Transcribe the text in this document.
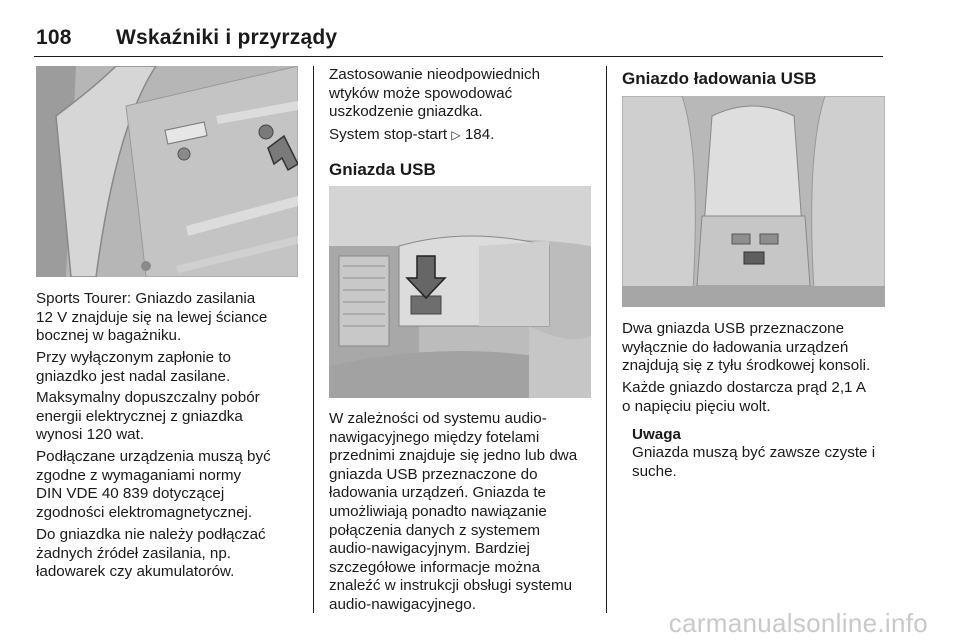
108 Wskaźniki i przyrządy

Sports Tourer: Gniazdo zasilania
12 V znajduje się na lewej ściance
bocznej w bagażniku.

Przy wyłączonym zapłonie to
gniazdko jest nadal zasilane.

Maksymalny dopuszczalny pobór
energii elektrycznej z gniazdka
wynosi 120 wat.

Podłączane urządzenia muszą być
zgodne z wymaganiami normy
DIN VDE 40 839 dotyczącej
zgodności elektromagnetycznej.

Do gniazdka nie należy podłączać
żadnych źródeł zasilania, np.
ładowarek czy akumulatorów.

Zastosowanie nieodpowiednich
wtyków może spowodować
uszkodzenie gniazdka.

System stop-start ▷ 184.

Gniazda USB

W zależności od systemu audio-
nawigacyjnego między fotelami
przednimi znajduje się jedno lub dwa
gniazda USB przeznaczone do
ładowania urządzeń. Gniazda te
umożliwiają ponadto nawiązanie
połączenia danych z systemem
audio-nawigacyjnym. Bardziej
szczegółowe informacje można
znaleźć w instrukcji obsługi systemu
audio-nawigacyjnego.

Gniazdo ładowania USB

Dwa gniazda USB przeznaczone
wyłącznie do ładowania urządzeń
znajdują się z tyłu środkowej konsoli.

Każde gniazdo dostarcza prąd 2,1 A
o napięciu pięciu wolt.

Uwaga

Gniazda muszą być zawsze czyste i
suche.

carmanualsonline.info
